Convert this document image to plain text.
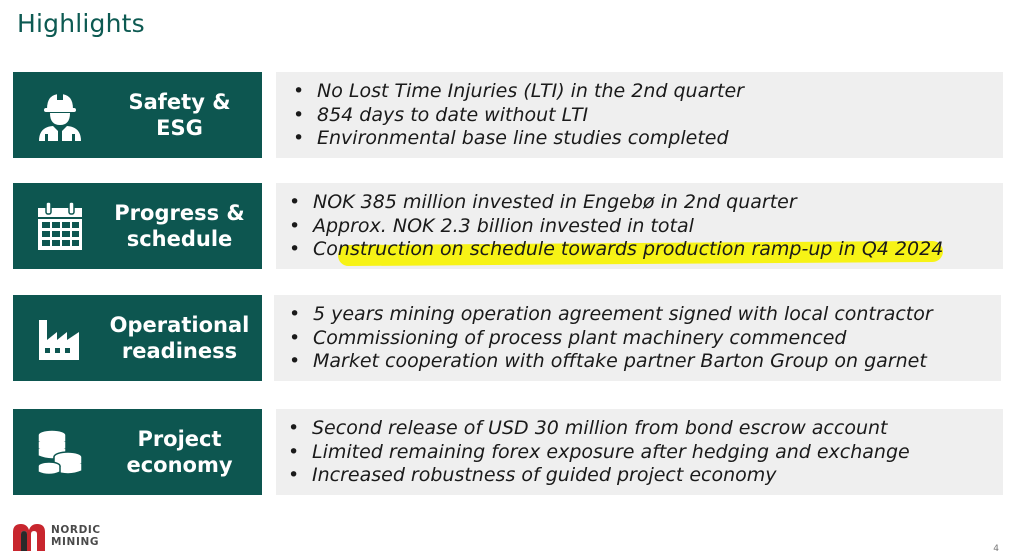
Highlights
Safety &
ESG
• No Lost Time Injuries (LTI) in the 2nd quarter
• 854 days to date without LTI
• Environmental base line studies completed
Progress &
schedule
• NOK 385 million invested in Engebø in 2nd quarter
• Approx. NOK 2.3 billion invested in total
• Co
nstruction on schedule towards production ramp-up in Q4 2024
Operational
readiness
• 5 years mining operation agreement signed with local contractor
• Commissioning of process plant machinery commenced
• Market cooperation with offtake partner Barton Group on garnet
Project
economy
• Second release of USD 30 million from bond escrow account
• Limited remaining forex exposure after hedging and exchange
• Increased robustness of guided project economy
NORDIC
MINING
4
